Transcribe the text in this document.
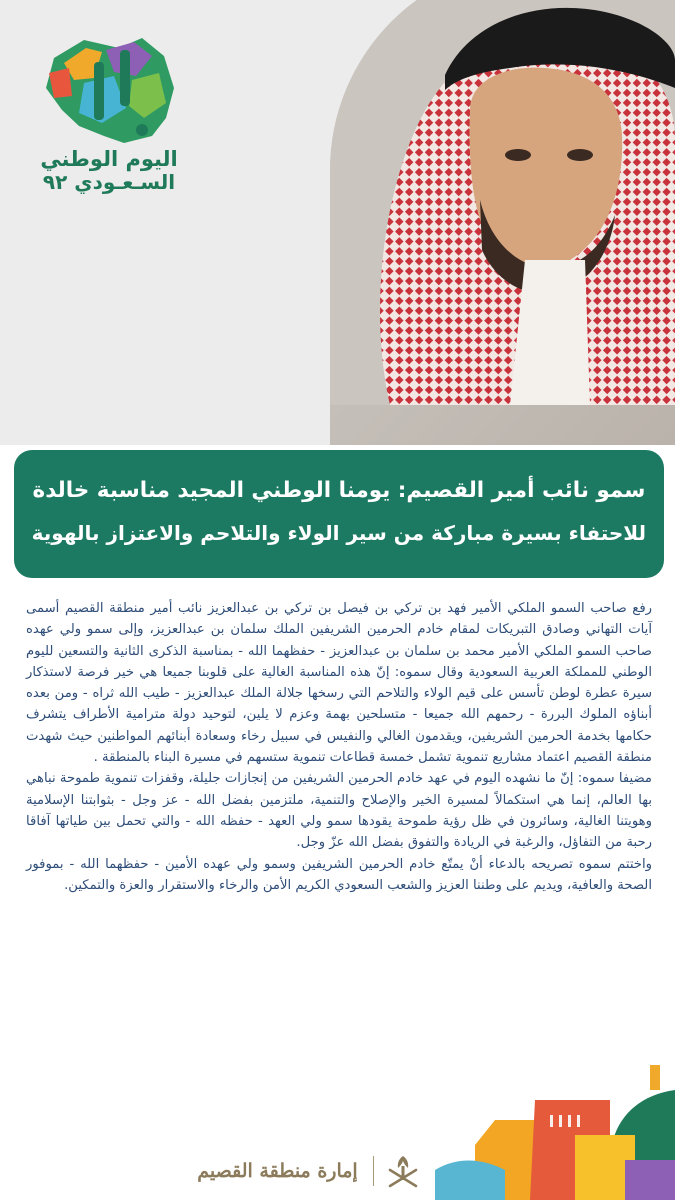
اليوم الوطني
السـعـودي ٩٢
سمو نائب أمير القصيم: يومنا الوطني المجيد مناسبة خالدة
للاحتفاء بسيرة مباركة من سير الولاء والتلاحم والاعتزاز بالهوية

رفع صاحب السمو الملكي الأمير فهد بن تركي بن فيصل بن تركي بن عبدالعزيز نائب أمير منطقة القصيم أسمى آيات التهاني وصادق التبريكات لمقام خادم الحرمين الشريفين الملك سلمان بن عبدالعزيز، وإلى سمو ولي عهده صاحب السمو الملكي الأمير محمد بن سلمان بن عبدالعزيز - حفظهما الله - بمناسبة الذكرى الثانية والتسعين لليوم الوطني للمملكة العربية السعودية وقال سموه: إنّ هذه المناسبة الغالية على قلوبنا جميعا هي خير فرصة لاستذكار سيرة عطرة لوطن تأسس على قيم الولاء والتلاحم التي رسخها جلالة الملك عبدالعزيز - طيب الله ثراه - ومن بعده أبناؤه الملوك البررة - رحمهم الله جميعا - متسلحين بهمة وعزم لا يلين، لتوحيد دولة مترامية الأطراف يتشرف حكامها بخدمة الحرمين الشريفين، ويقدمون الغالي والنفيس في سبيل رخاء وسعادة أبنائهم المواطنين حيث شهدت منطقة القصيم اعتماد مشاريع تنموية تشمل خمسة قطاعات تنموية ستسهم في مسيرة البناء بالمنطقة .

مضيفا سموه: إنّ ما نشهده اليوم في عهد خادم الحرمين الشريفين من إنجازات جليلة، وقفزات تنموية طموحة نباهي بها العالم، إنما هي استكمالاً لمسيرة الخير والإصلاح والتنمية، ملتزمين بفضل الله - عز وجل - بثوابتنا الإسلامية وهويتنا الغالية، وسائرون في ظل رؤية طموحة يقودها سمو ولي العهد - حفظه الله - والتي تحمل بين طياتها آفاقا رحبة من التفاؤل، والرغبة في الريادة والتفوق بفضل الله عزّ وجل.

واختتم سموه تصريحه بالدعاء أنْ يمتّع خادم الحرمين الشريفين وسمو ولي عهده الأمين - حفظهما الله - بموفور الصحة والعافية، ويديم على وطننا العزيز والشعب السعودي الكريم الأمن والرخاء والاستقرار والعزة والتمكين.

إمارة منطقة القصيم
